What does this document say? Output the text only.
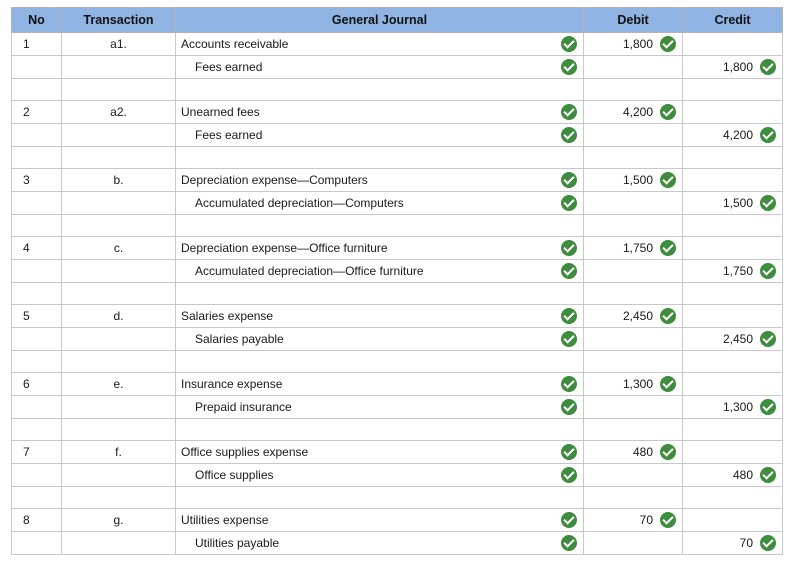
No	Transaction	General Journal	Debit	Credit
1	a1.	Accounts receivable	1,800

		Fees earned		1,800

2	a2.	Unearned fees	4,200

		Fees earned		4,200

3	b.	Depreciation expense—Computers	1,500

		Accumulated depreciation—Computers		1,500

4	c.	Depreciation expense—Office furniture	1,750

		Accumulated depreciation—Office furniture		1,750

5	d.	Salaries expense	2,450

		Salaries payable		2,450

6	e.	Insurance expense	1,300

		Prepaid insurance		1,300

7	f.	Office supplies expense	480

		Office supplies		480

8	g.	Utilities expense	70

		Utilities payable		70
